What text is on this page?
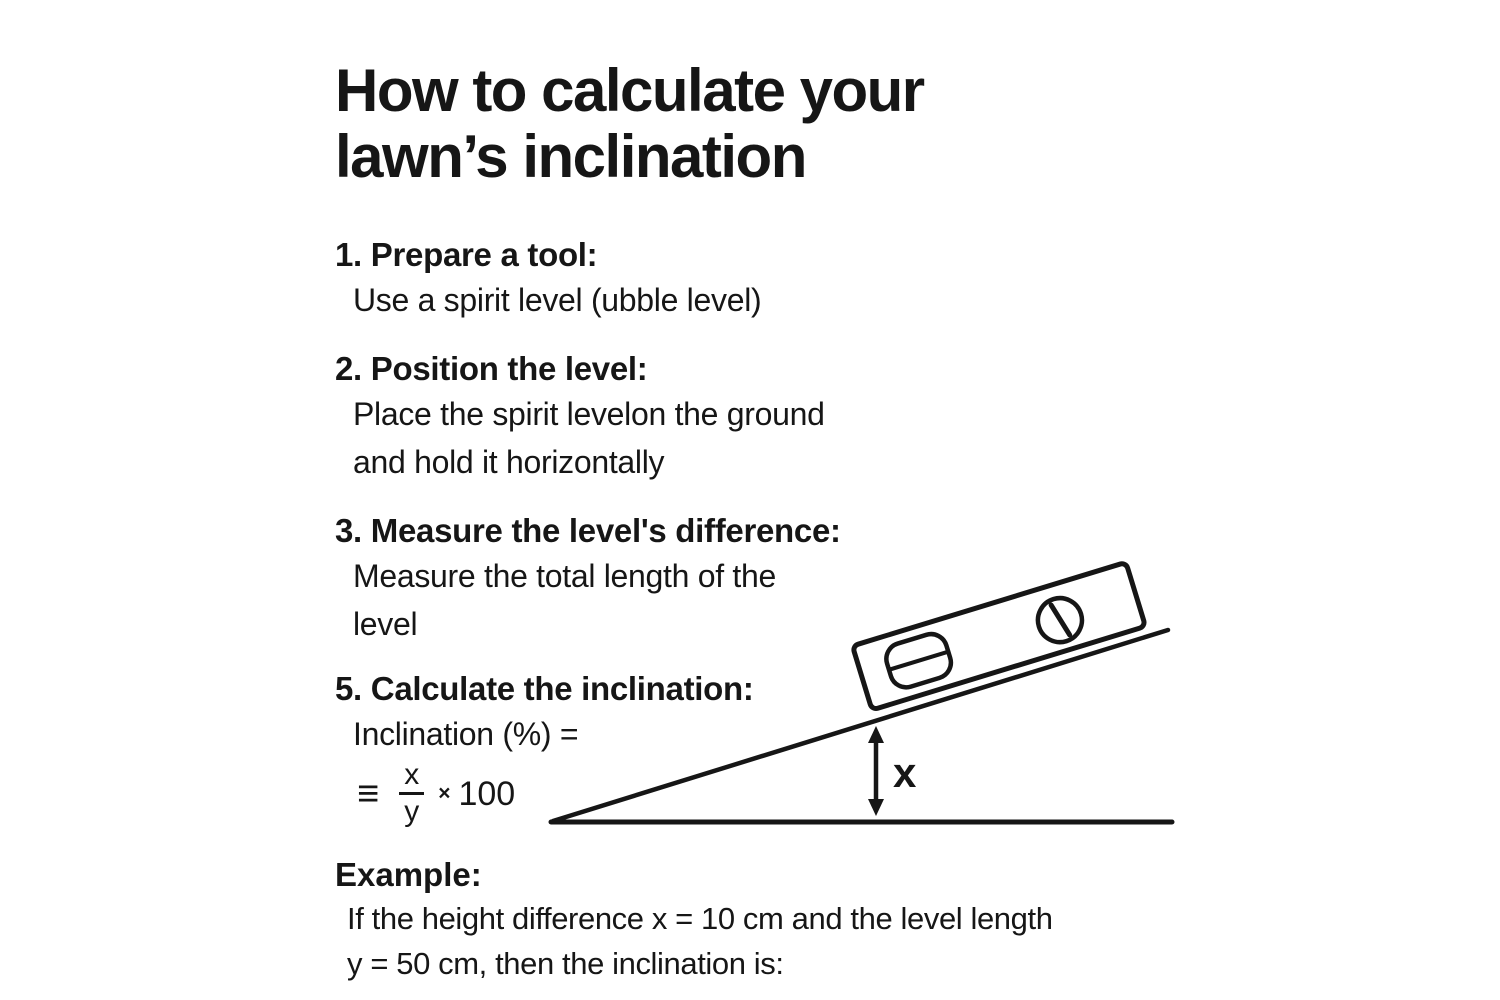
How to calculate your
lawn’s inclination
1. Prepare a tool:
Use a spirit level (ubble level)
2. Position the level:
Place the spirit levelon the ground
and hold it horizontally
3. Measure the level's difference:
Measure the total length of the
level
5. Calculate the inclination:
Inclination (%) =
≡ $\frac{x}{y} \times 100$
Example:
If the height difference x = 10 cm and the level length
y = 50 cm, then the inclination is:
x
